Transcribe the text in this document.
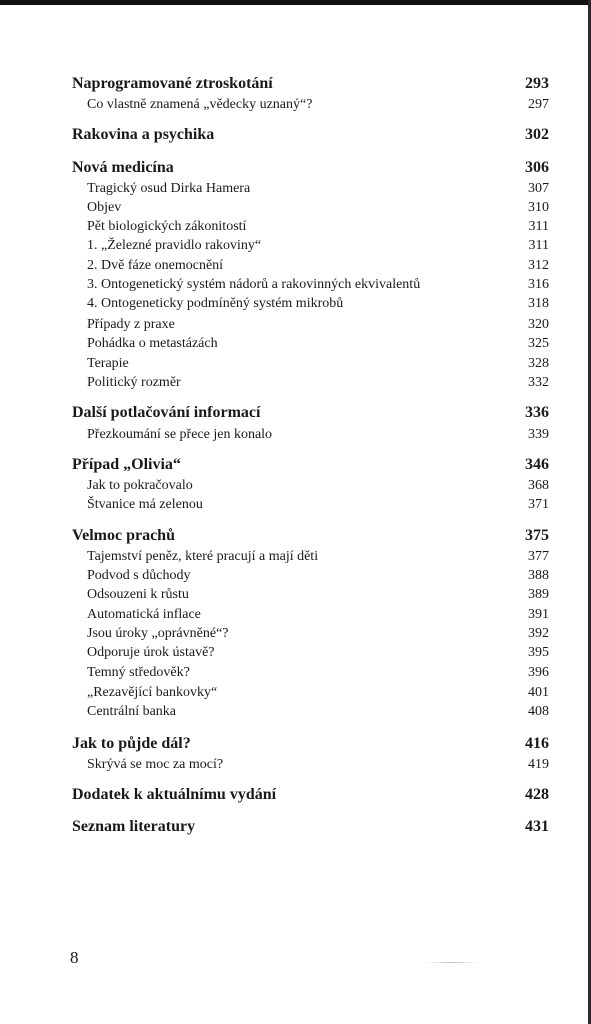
Naprogramované ztroskotání	293
Co vlastně znamená „vědecky uznaný“?	297
Rakovina a psychika	302
Nová medicína	306
Tragický osud Dirka Hamera	307
Objev	310
Pět biologických zákonitostí	311
1. „Železné pravidlo rakoviny“	311
2. Dvě fáze onemocnění	312
3. Ontogenetický systém nádorů a rakovinných ekvivalentů	316
4. Ontogeneticky podmíněný systém mikrobů	318
Případy z praxe	320
Pohádka o metastázách	325
Terapie	328
Politický rozměr	332
Další potlačování informací	336
Přezkoumání se přece jen konalo	339
Případ „Olivia“	346
Jak to pokračovalo	368
Štvanice má zelenou	371
Velmoc prachů	375
Tajemství peněz, které pracují a mají děti	377
Podvod s důchody	388
Odsouzeni k růstu	389
Automatická inflace	391
Jsou úroky „oprávněné“?	392
Odporuje úrok ústavě?	395
Temný středověk?	396
„Rezavějící bankovky“	401
Centrální banka	408
Jak to půjde dál?	416
Skrývá se moc za mocí?	419
Dodatek k aktuálnímu vydání	428
Seznam literatury	431
8
